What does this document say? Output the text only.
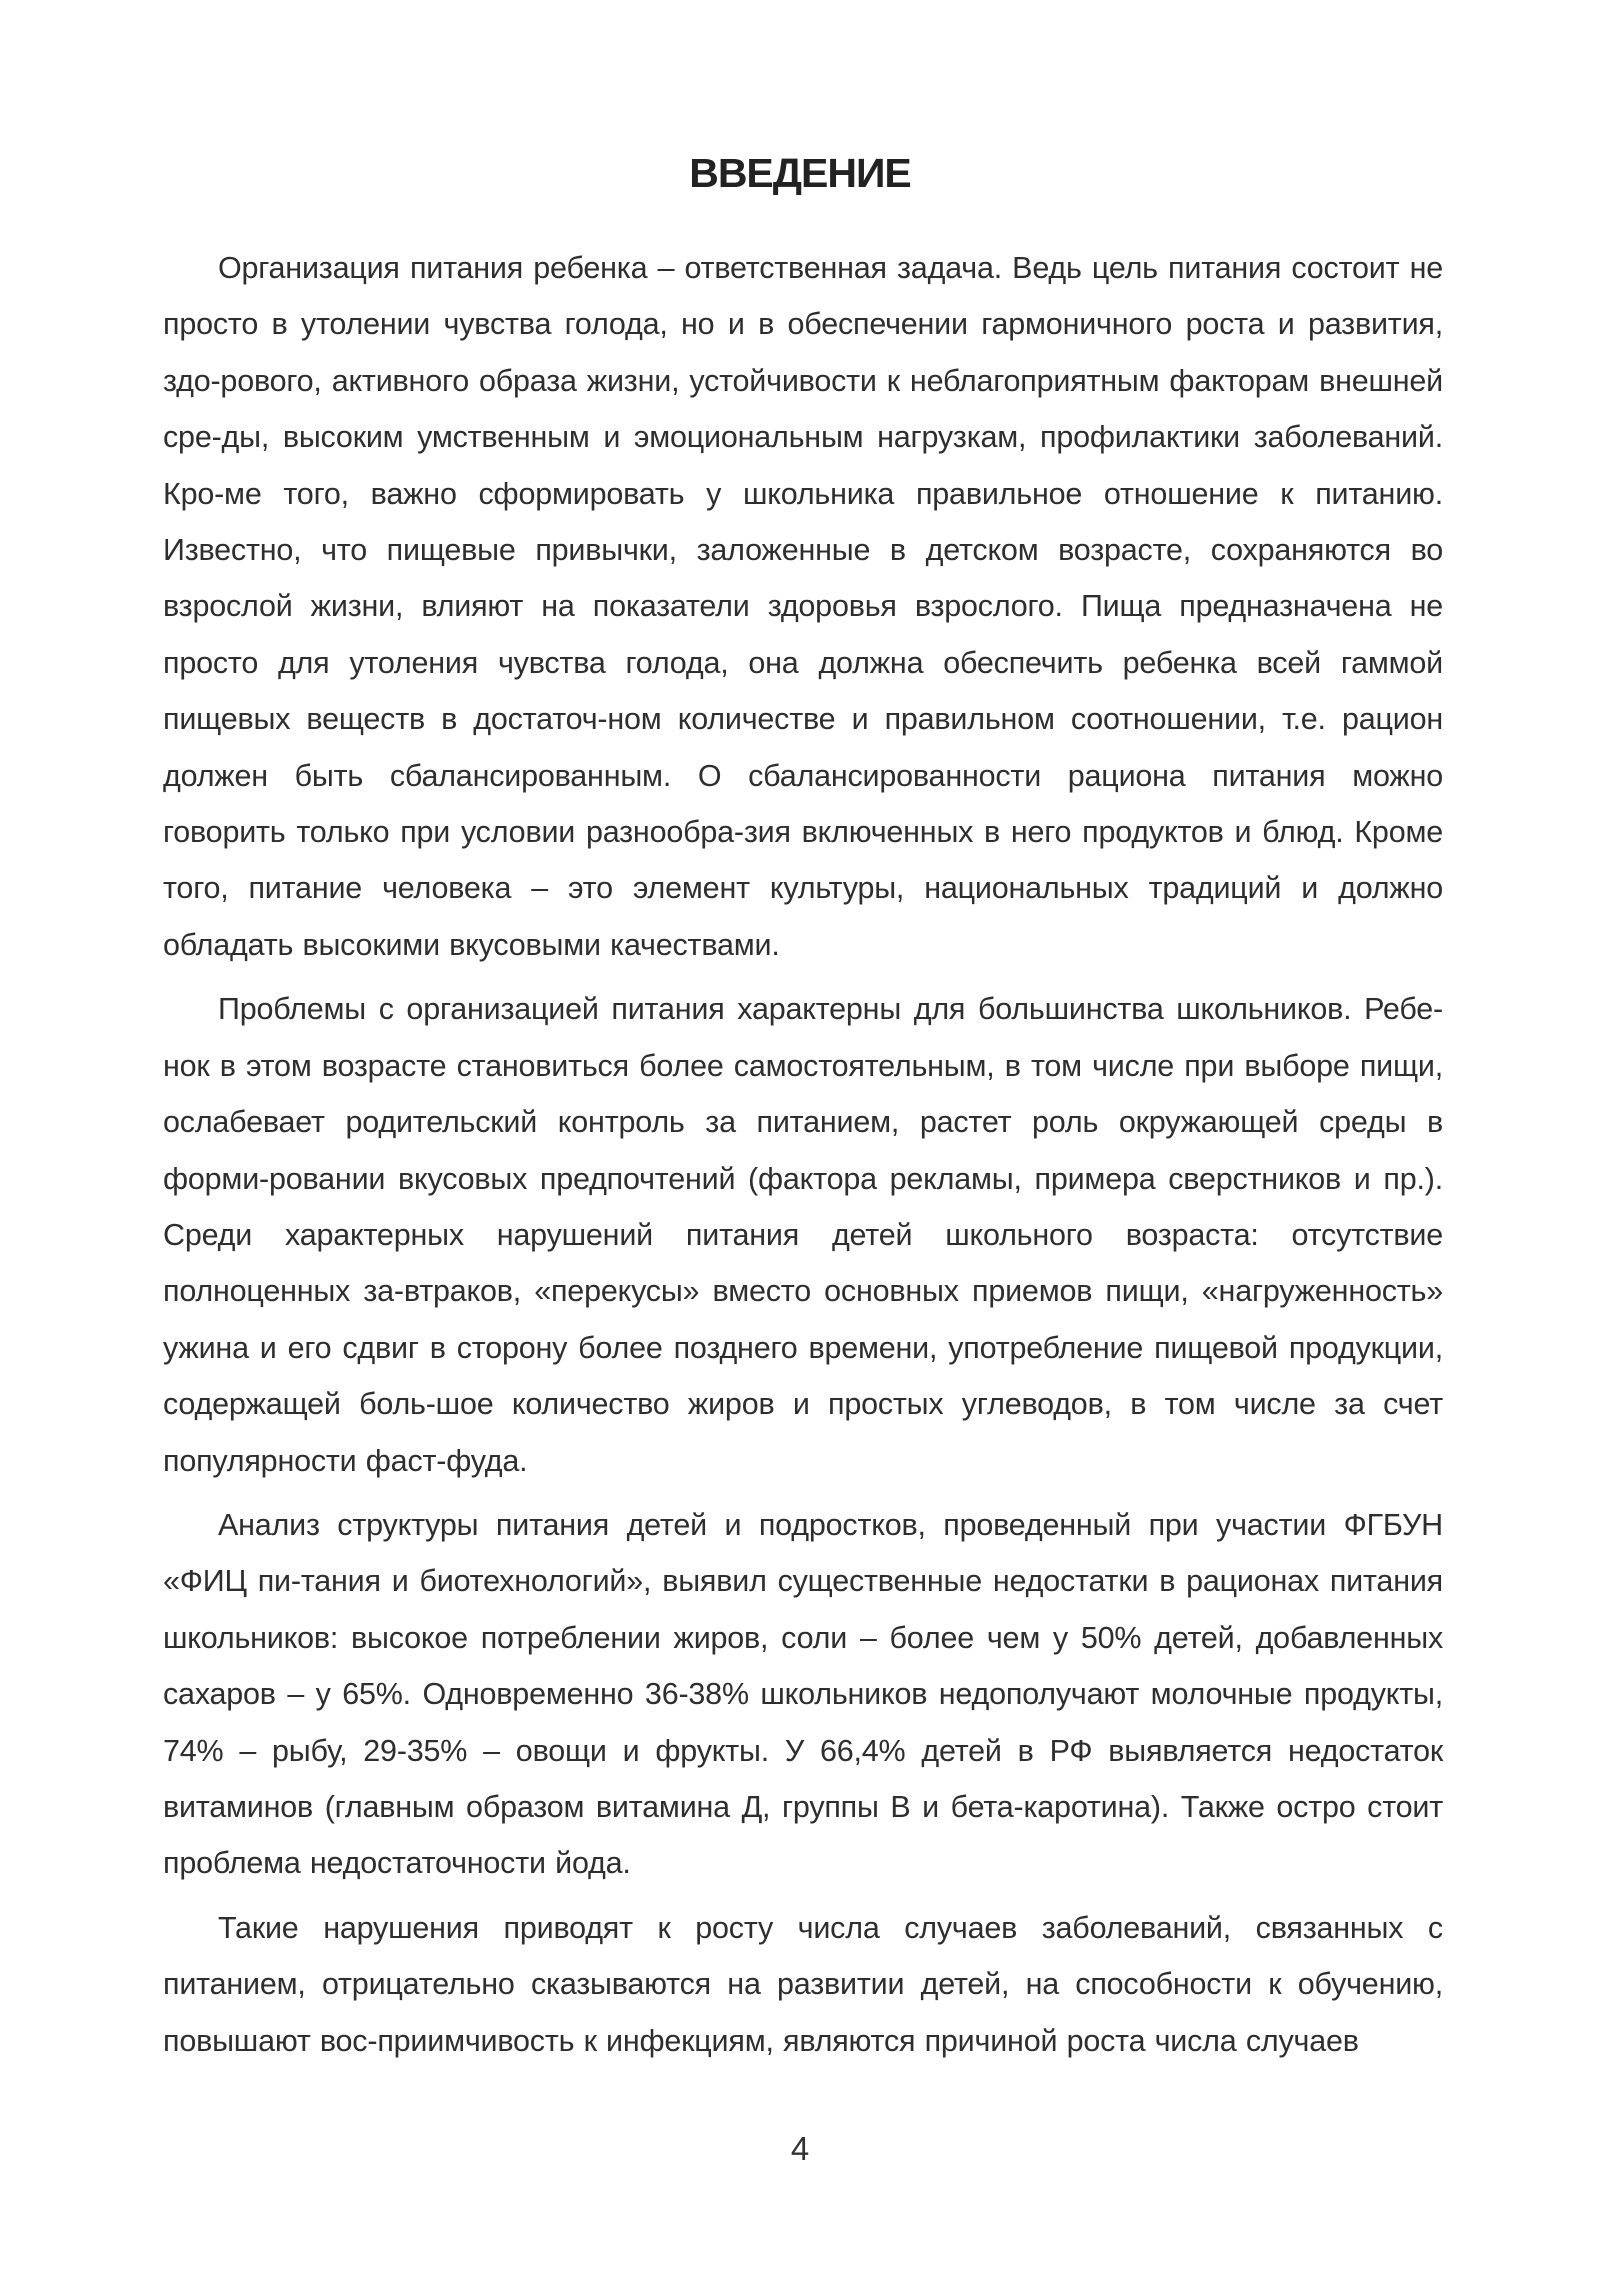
ВВЕДЕНИЕ

Организация питания ребенка – ответственная задача. Ведь цель питания состоит не просто в утолении чувства голода, но и в обеспечении гармоничного роста и развития, здо-рового, активного образа жизни, устойчивости к неблагоприятным факторам внешней сре-ды, высоким умственным и эмоциональным нагрузкам, профилактики заболеваний. Кро-ме того, важно сформировать у школьника правильное отношение к питанию. Известно, что пищевые привычки, заложенные в детском возрасте, сохраняются во взрослой жизни, влияют на показатели здоровья взрослого. Пища предназначена не просто для утоления чувства голода, она должна обеспечить ребенка всей гаммой пищевых веществ в достаточ-ном количестве и правильном соотношении, т.е. рацион должен быть сбалансированным. О сбалансированности рациона питания можно говорить только при условии разнообра-зия включенных в него продуктов и блюд. Кроме того, питание человека – это элемент культуры, национальных традиций и должно обладать высокими вкусовыми качествами.

Проблемы с организацией питания характерны для большинства школьников. Ребе-нок в этом возрасте становиться более самостоятельным, в том числе при выборе пищи, ослабевает родительский контроль за питанием, растет роль окружающей среды в форми-ровании вкусовых предпочтений (фактора рекламы, примера сверстников и пр.). Среди характерных нарушений питания детей школьного возраста: отсутствие полноценных за-втраков, «перекусы» вместо основных приемов пищи, «нагруженность» ужина и его сдвиг в сторону более позднего времени, употребление пищевой продукции, содержащей боль-шое количество жиров и простых углеводов, в том числе за счет популярности фаст-фуда.

Анализ структуры питания детей и подростков, проведенный при участии ФГБУН «ФИЦ пи-тания и биотехнологий», выявил существенные недостатки в рационах питания школьников: высокое потреблении жиров, соли – более чем у 50% детей, добавленных сахаров – у 65%. Одновременно 36-38% школьников недополучают молочные продукты, 74% – рыбу, 29-35% – овощи и фрукты. У 66,4% детей в РФ выявляется недостаток витаминов (главным образом витамина Д, группы В и бета-каротина). Также остро стоит проблема недостаточности йода.

Такие нарушения приводят к росту числа случаев заболеваний, связанных с питанием, отрицательно сказываются на развитии детей, на способности к обучению, повышают вос-приимчивость к инфекциям, являются причиной роста числа случаев

4
